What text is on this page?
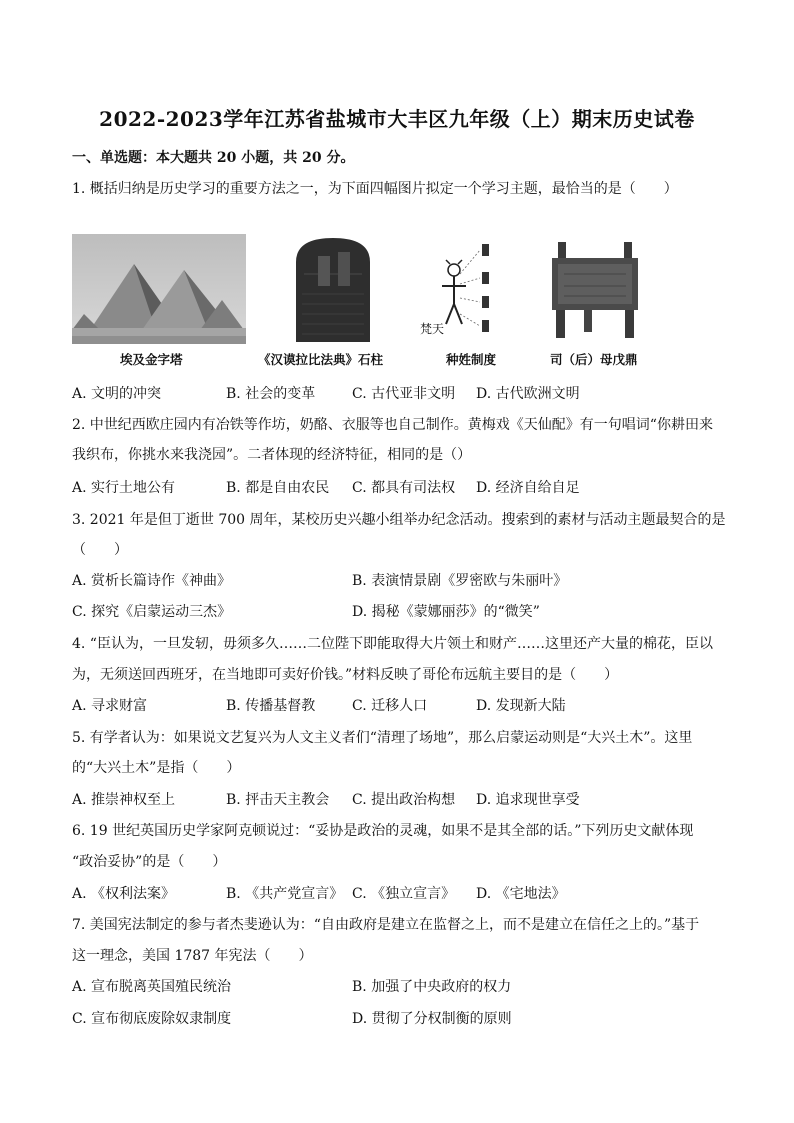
2022-2023学年江苏省盐城市大丰区九年级（上）期末历史试卷
一、单选题：本大题共 20 小题，共 20 分。
1. 概括归纳是历史学习的重要方法之一，为下面四幅图片拟定一个学习主题，最恰当的是（　　）
埃及金字塔	《汉谟拉比法典》石柱
梵天
种姓制度	司（后）母戊鼎
A. 文明的冲突	B. 社会的变革	C. 古代亚非文明 D. 古代欧洲文明
2. 中世纪西欧庄园内有冶铁等作坊，奶酪、衣服等也自己制作。黄梅戏《天仙配》有一句唱词“你耕田来
我织布，你挑水来我浇园”。二者体现的经济特征，相同的是（）
A. 实行土地公有	B. 都是自由农民 C. 都具有司法权 D. 经济自给自足
3. 2021 年是但丁逝世 700 周年，某校历史兴趣小组举办纪念活动。搜索到的素材与活动主题最契合的是
（　　）
A. 赏析长篇诗作《神曲》	B. 表演情景剧《罗密欧与朱丽叶》
C. 探究《启蒙运动三杰》	D. 揭秘《蒙娜丽莎》的“微笑”
4. “臣认为，一旦发轫，毋须多久……二位陛下即能取得大片领土和财产……这里还产大量的棉花，臣以
为，无须送回西班牙，在当地即可卖好价钱。”材料反映了哥伦布远航主要目的是（　　）
A. 寻求财富	B. 传播基督教	C. 迁移人口	D. 发现新大陆
5. 有学者认为：如果说文艺复兴为人文主义者们“清理了场地”，那么启蒙运动则是“大兴土木”。这里
的“大兴土木”是指（　　）
A. 推崇神权至上	B. 抨击天主教会 C. 提出政治构想 D. 追求现世享受
6. 19 世纪英国历史学家阿克顿说过：“妥协是政治的灵魂，如果不是其全部的话。”下列历史文献体现
“政治妥协”的是（　　）
A. 《权利法案》	B. 《共产党宣言》 C. 《独立宣言》 D. 《宅地法》
7. 美国宪法制定的参与者杰斐逊认为：“自由政府是建立在监督之上，而不是建立在信任之上的。”基于
这一理念，美国 1787 年宪法（　　）
A. 宣布脱离英国殖民统治	B. 加强了中央政府的权力
C. 宣布彻底废除奴隶制度	D. 贯彻了分权制衡的原则
